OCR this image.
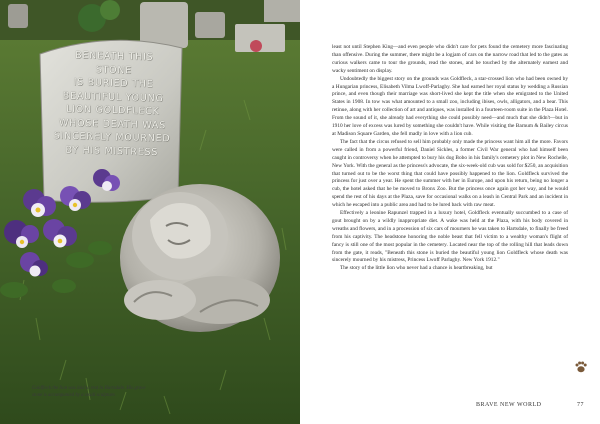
BENEATH THIS
STONE
IS BURIED THE
BEAUTIFUL YOUNG
LION GOLDFLECK
WHOSE DEATH WAS
SINCERELY MOURNED
BY HIS MISTRESS

least not until Stephen King—and even people who didn't care for pets found the cemetery more fascinating than offensive. During the summer, there might be a logjam of cars on the narrow road that led to the gates as curious walkers came to tour the grounds, read the stones, and be touched by the alternately earnest and wacky sentiment on display.

Undoubtedly the biggest story on the grounds was Goldfleck, a star-crossed lion who had been owned by a Hungarian princess, Elisabeth Vilma Lwoff-Parlaghy. She had earned her royal status by wedding a Russian prince, and even though their marriage was short-lived she kept the title when she emigrated to the United States in 1908. In tow was what amounted to a small zoo, including ibises, owls, alligators, and a bear. This retinue, along with her collection of art and antiques, was installed in a fourteen-room suite in the Plaza Hotel. From the sound of it, she already had everything she could possibly need—and much that she didn't—but in 1910 her love of excess was lured by something she couldn't have. While visiting the Barnum & Bailey circus at Madison Square Garden, she fell madly in love with a lion cub.

The fact that the circus refused to sell him probably only made the princess want him all the more. Favors were called in from a powerful friend, Daniel Sickles, a former Civil War general who had himself been caught in controversy when he attempted to bury his dog Bobo in his family's cemetery plot in New Rochelle, New York. With the general as the princess's advocate, the six-week-old cub was sold for $250, an acquisition that turned out to be the worst thing that could have possibly happened to the lion. Goldfleck survived the princess for just over a year. He spent the summer with her in Europe, and upon his return, being no longer a cub, the hotel asked that he be moved to Bronx Zoo. But the princess once again got her way, and he would spend the rest of his days at the Plaza, save for occasional walks on a leash in Central Park and an incident in which he escaped into a public area and had to be lured back with raw meat.

Effectively a leonine Rapunzel trapped in a luxury hotel, Goldfleck eventually succumbed to a case of gout brought on by a wildly inappropriate diet. A wake was held at the Plaza, with his body covered in wreaths and flowers, and in a procession of six cars of mourners he was taken to Hartsdale, to finally be freed from his captivity. The headstone honoring the noble beast that fell victim to a wealthy woman's flight of fancy is still one of the most popular in the cemetery. Located near the top of the rolling hill that leads down from the gate, it reads, "Beneath this stone is buried the beautiful young lion Goldfleck whose death was sincerely mourned by his mistress, Princess Lwoff Parlaghy. New York 1912."

The story of the little lion who never had a chance is heartbreaking, but

Goldfleck the lion was laid to rest in Hartsdale. His grave stone is accompanied by a small sculpture.
BRAVE NEW WORLD	77
